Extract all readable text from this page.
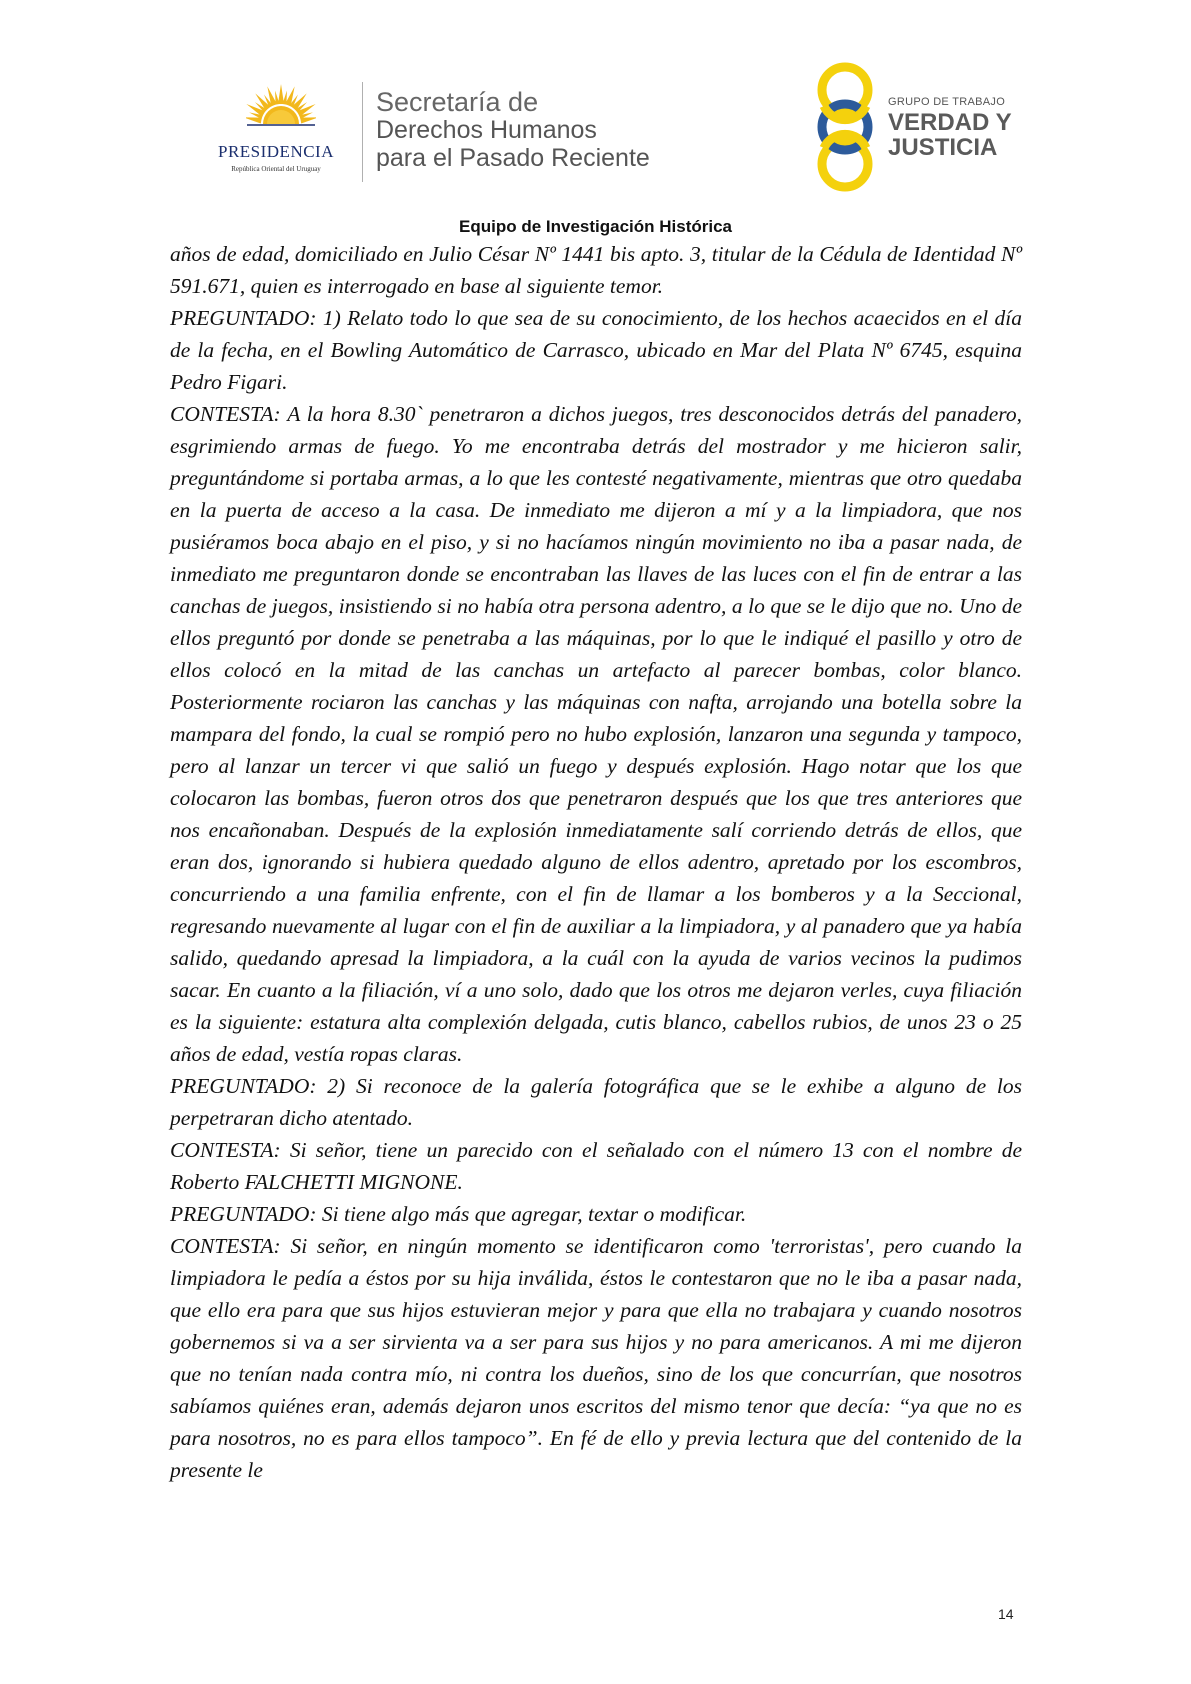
PRESIDENCIA
República Oriental del Uruguay
Secretaría de
Derechos Humanos
para el Pasado Reciente
GRUPO DE TRABAJO
VERDAD Y
JUSTICIA
Equipo de Investigación Histórica

años de edad, domiciliado en Julio César Nº 1441 bis apto. 3, titular de la Cédula de Identidad Nº 591.671, quien es interrogado en base al siguiente temor.

PREGUNTADO: 1) Relato todo lo que sea de su conocimiento, de los hechos acaecidos en el día de la fecha, en el Bowling Automático de Carrasco, ubicado en Mar del Plata Nº 6745, esquina Pedro Figari.

CONTESTA: A la hora 8.30` penetraron a dichos juegos, tres desconocidos detrás del panadero, esgrimiendo armas de fuego. Yo me encontraba detrás del mostrador y me hicieron salir, preguntándome si portaba armas, a lo que les contesté negativamente, mientras que otro quedaba en la puerta de acceso a la casa. De inmediato me dijeron a mí y a la limpiadora, que nos pusiéramos boca abajo en el piso, y si no hacíamos ningún movimiento no iba a pasar nada, de inmediato me preguntaron donde se encontraban las llaves de las luces con el fin de entrar a las canchas de juegos, insistiendo si no había otra persona adentro, a lo que se le dijo que no. Uno de ellos preguntó por donde se penetraba a las máquinas, por lo que le indiqué el pasillo y otro de ellos colocó en la mitad de las canchas un artefacto al parecer bombas, color blanco. Posteriormente rociaron las canchas y las máquinas con nafta, arrojando una botella sobre la mampara del fondo, la cual se rompió pero no hubo explosión, lanzaron una segunda y tampoco, pero al lanzar un tercer vi que salió un fuego y después explosión. Hago notar que los que colocaron las bombas, fueron otros dos que penetraron después que los que tres anteriores que nos encañonaban. Después de la explosión inmediatamente salí corriendo detrás de ellos, que eran dos, ignorando si hubiera quedado alguno de ellos adentro, apretado por los escombros, concurriendo a una familia enfrente, con el fin de llamar a los bomberos y a la Seccional, regresando nuevamente al lugar con el fin de auxiliar a la limpiadora, y al panadero que ya había salido, quedando apresad la limpiadora, a la cuál con la ayuda de varios vecinos la pudimos sacar. En cuanto a la filiación, ví a uno solo, dado que los otros me dejaron verles, cuya filiación es la siguiente: estatura alta complexión delgada, cutis blanco, cabellos rubios, de unos 23 o 25 años de edad, vestía ropas claras.

PREGUNTADO: 2) Si reconoce de la galería fotográfica que se le exhibe a alguno de los perpetraran dicho atentado.

CONTESTA: Si señor, tiene un parecido con el señalado con el número 13 con el nombre de Roberto FALCHETTI MIGNONE.

PREGUNTADO: Si tiene algo más que agregar, textar o modificar.

CONTESTA: Si señor, en ningún momento se identificaron como 'terroristas', pero cuando la limpiadora le pedía a éstos por su hija inválida, éstos le contestaron que no le iba a pasar nada, que ello era para que sus hijos estuvieran mejor y para que ella no trabajara y cuando nosotros gobernemos si va a ser sirvienta va a ser para sus hijos y no para americanos. A mi me dijeron que no tenían nada contra mío, ni contra los dueños, sino de los que concurrían, que nosotros sabíamos quiénes eran, además dejaron unos escritos del mismo tenor que decía: “ya que no es para nosotros, no es para ellos tampoco”. En fé de ello y previa lectura que del contenido de la presente le

14
